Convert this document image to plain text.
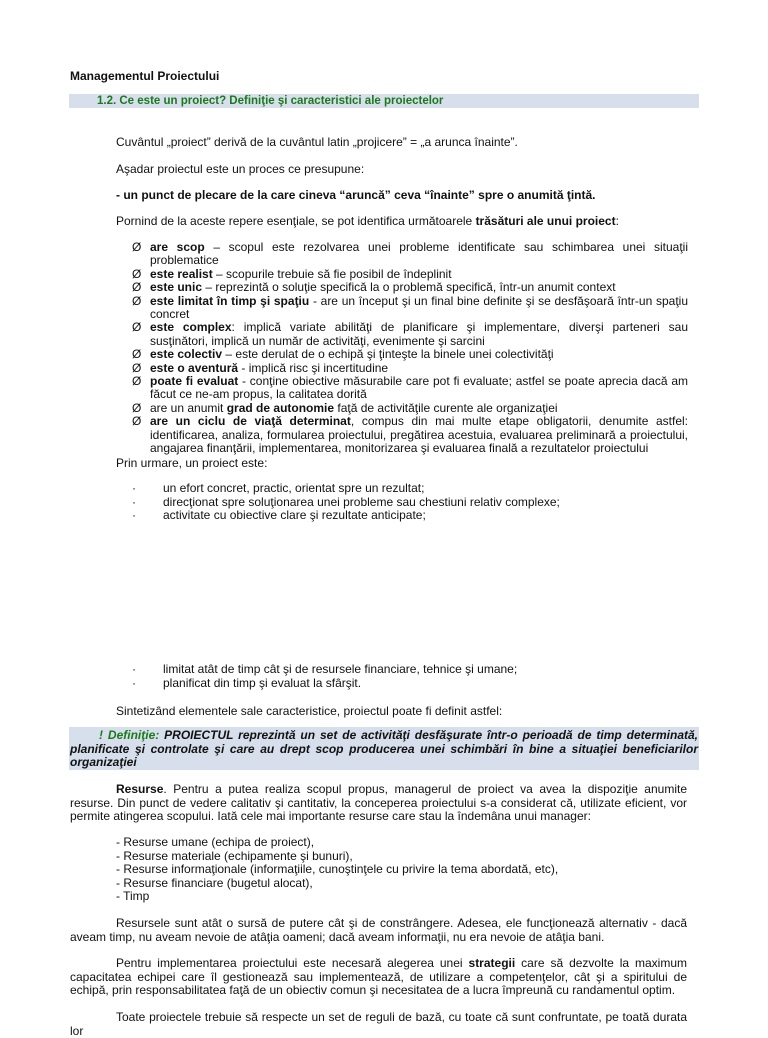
Managementul Proiectului
1.2. Ce este un proiect? Definiţie şi caracteristici ale proiectelor
Cuvântul „proiect” derivă de la cuvântul latin „projicere” = „a arunca înainte”.
Aşadar proiectul este un proces ce presupune:
- un punct de plecare de la care cineva “aruncă” ceva “înainte” spre o anumită ţintă.
Pornind de la aceste repere esenţiale, se pot identifica următoarele trăsături ale unui proiect:
Ø are scop – scopul este rezolvarea unei probleme identificate sau schimbarea unei situaţii problematice
Ø este realist – scopurile trebuie să fie posibil de îndeplinit
Ø este unic – reprezintă o soluţie specifică la o problemă specifică, într-un anumit context
Ø este limitat în timp şi spaţiu - are un început şi un final bine definite şi se desfăşoară într-un spaţiu concret
Ø este complex: implică variate abilităţi de planificare şi implementare, diverşi parteneri sau susţinători, implică un număr de activităţi, evenimente şi sarcini
Ø este colectiv – este derulat de o echipă şi ţinteşte la binele unei colectivităţi
Ø este o aventură - implică risc şi incertitudine
Ø poate fi evaluat - conţine obiective măsurabile care pot fi evaluate; astfel se poate aprecia dacă am făcut ce ne-am propus, la calitatea dorită
Ø are un anumit grad de autonomie faţă de activităţile curente ale organizaţiei
Ø are un ciclu de viaţă determinat, compus din mai multe etape obligatorii, denumite astfel: identificarea, analiza, formularea proiectului, pregătirea acestuia, evaluarea preliminară a proiectului, angajarea finanţării, implementarea, monitorizarea şi evaluarea finală a rezultatelor proiectului
Prin urmare, un proiect este:
· un efort concret, practic, orientat spre un rezultat;
· direcţionat spre soluţionarea unei probleme sau chestiuni relativ complexe;
· activitate cu obiective clare şi rezultate anticipate;
· limitat atât de timp cât şi de resursele financiare, tehnice şi umane;
· planificat din timp şi evaluat la sfârşit.
Sintetizând elementele sale caracteristice, proiectul poate fi definit astfel:
! Definiţie: PROIECTUL reprezintă un set de activităţi desfăşurate într-o perioadă de timp determinată, planificate şi controlate şi care au drept scop producerea unei schimbări în bine a situaţiei beneficiarilor organizaţiei
Resurse. Pentru a putea realiza scopul propus, managerul de proiect va avea la dispoziţie anumite resurse. Din punct de vedere calitativ şi cantitativ, la conceperea proiectului s-a considerat că, utilizate eficient, vor permite atingerea scopului. Iată cele mai importante resurse care stau la îndemâna unui manager:
- Resurse umane (echipa de proiect),
- Resurse materiale (echipamente şi bunuri),
- Resurse informaţionale (informaţiile, cunoştinţele cu privire la tema abordată, etc),
- Resurse financiare (bugetul alocat),
- Timp
Resursele sunt atât o sursă de putere cât şi de constrângere. Adesea, ele funcţionează alternativ - dacă aveam timp, nu aveam nevoie de atâţia oameni; dacă aveam informaţii, nu era nevoie de atâţia bani.
Pentru implementarea proiectului este necesară alegerea unei strategii care să dezvolte la maximum capacitatea echipei care îl gestionează sau implementează, de utilizare a competenţelor, cât şi a spiritului de echipă, prin responsabilitatea faţă de un obiectiv comun şi necesitatea de a lucra împreună cu randamentul optim.
Toate proiectele trebuie să respecte un set de reguli de bază, cu toate că sunt confruntate, pe toată durata lor
